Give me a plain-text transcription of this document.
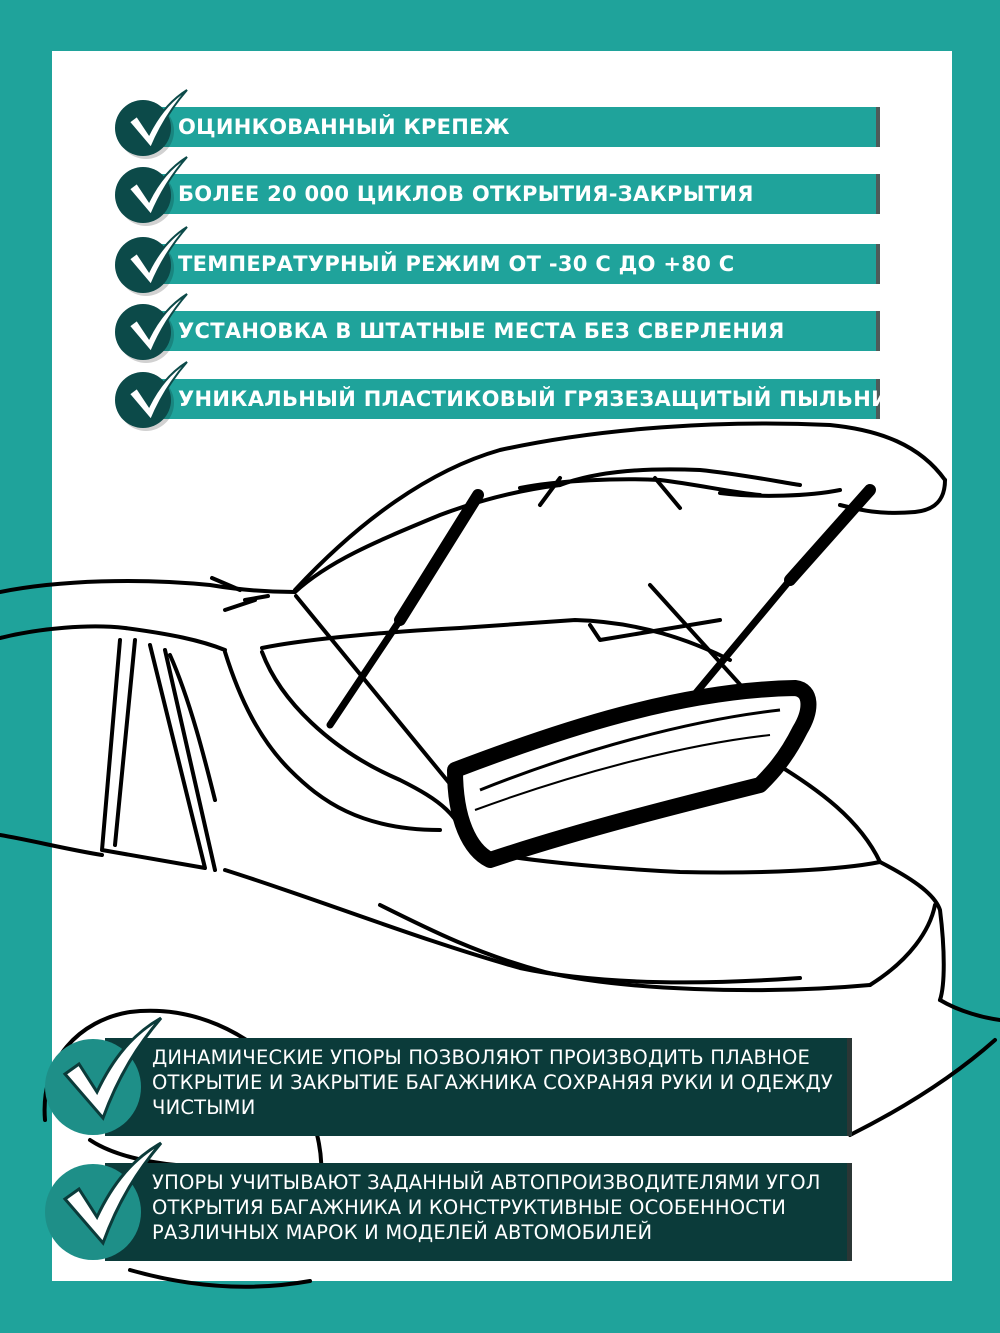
ОЦИНКОВАННЫЙ КРЕПЕЖ
БОЛЕЕ 20 000 ЦИКЛОВ ОТКРЫТИЯ-ЗАКРЫТИЯ
ТЕМПЕРАТУРНЫЙ РЕЖИМ ОТ -30 С ДО +80 С
УСТАНОВКА В ШТАТНЫЕ МЕСТА БЕЗ СВЕРЛЕНИЯ
УНИКАЛЬНЫЙ ПЛАСТИКОВЫЙ ГРЯЗЕЗАЩИТЫЙ ПЫЛЬНИК
ДИНАМИЧЕСКИЕ УПОРЫ ПОЗВОЛЯЮТ ПРОИЗВОДИТЬ ПЛАВНОЕ ОТКРЫТИЕ И ЗАКРЫТИЕ БАГАЖНИКА СОХРАНЯЯ РУКИ И ОДЕЖДУ ЧИСТЫМИ
УПОРЫ УЧИТЫВАЮТ ЗАДАННЫЙ АВТОПРОИЗВОДИТЕЛЯМИ УГОЛ ОТКРЫТИЯ БАГАЖНИКА И КОНСТРУКТИВНЫЕ ОСОБЕННОСТИ РАЗЛИЧНЫХ МАРОК И МОДЕЛЕЙ АВТОМОБИЛЕЙ
